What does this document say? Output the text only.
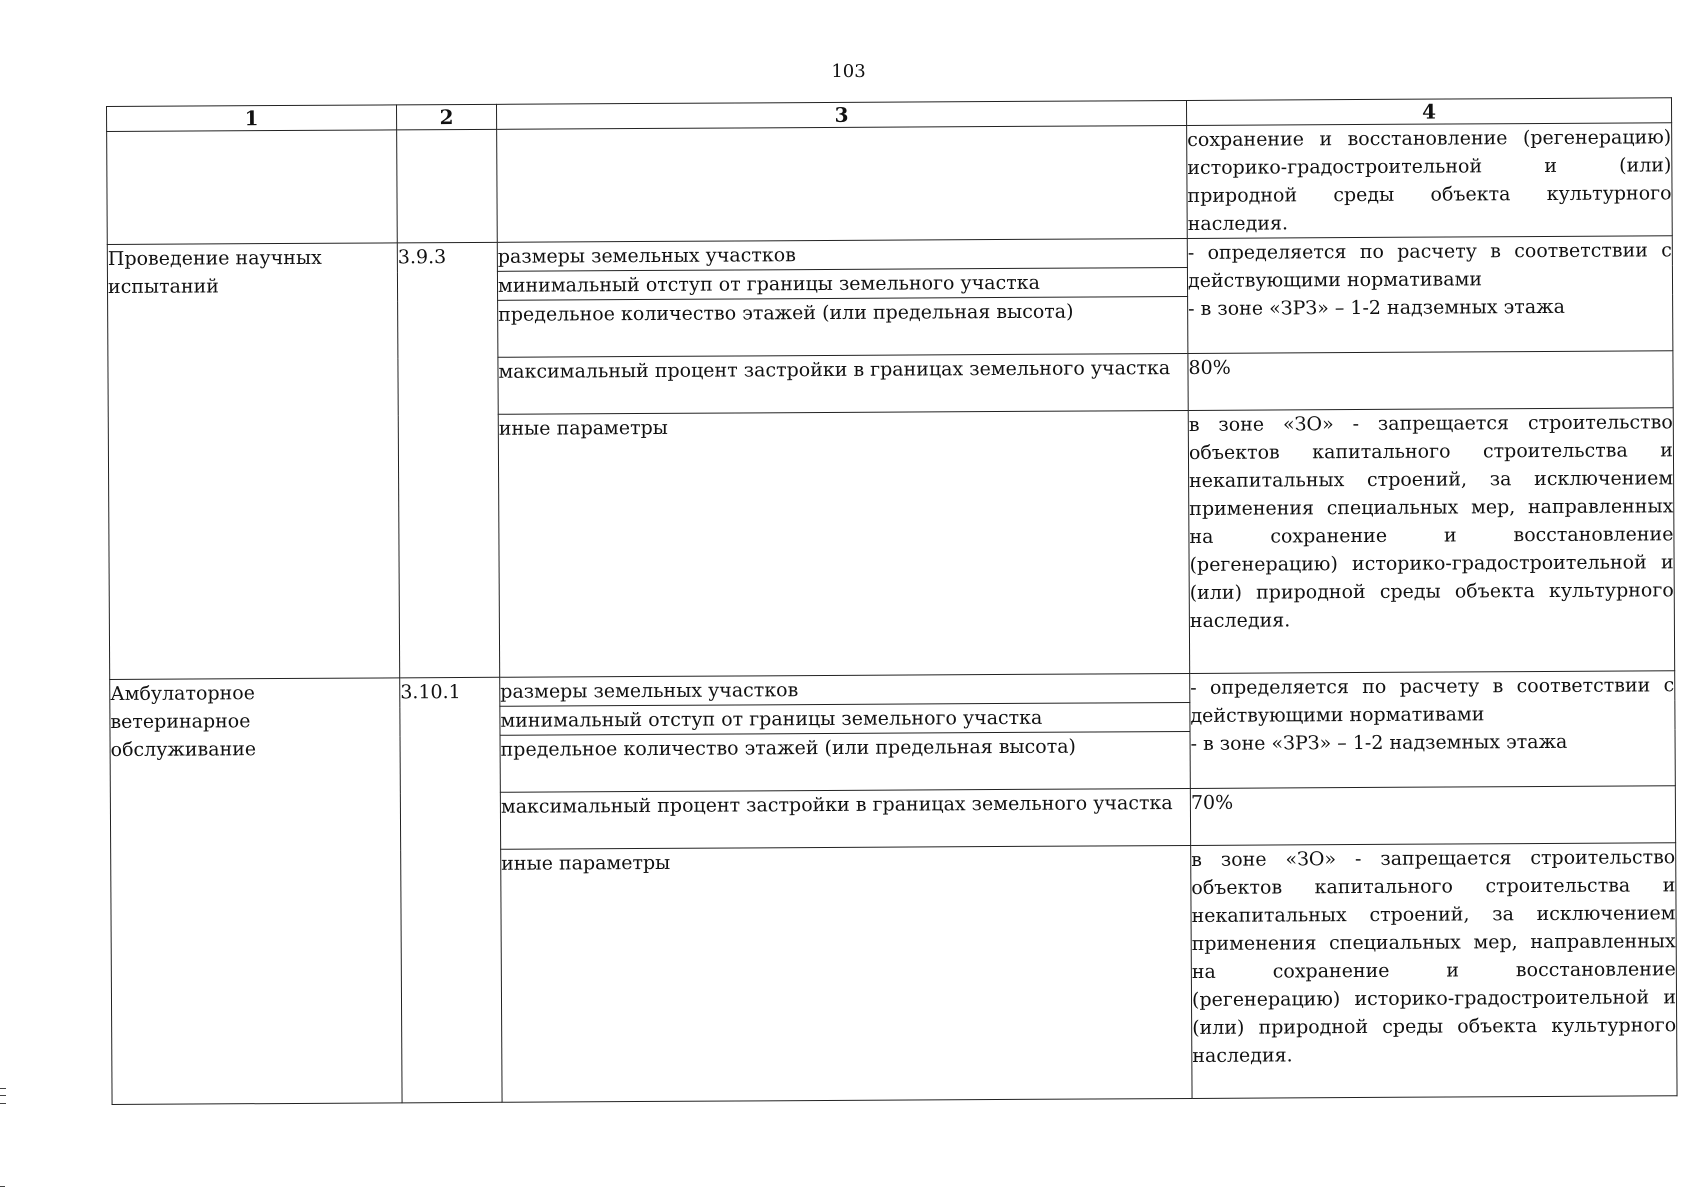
103
1	2	3	4
			сохранение и восстановление (регенерацию) историко-градостроительной и (или) природной среды объекта культурного наследия.
Проведение научных испытаний	3.9.3	размеры земельных участков	- определяется по расчету в соответствии с действующими нормативами
- в зоне «ЗРЗ» – 1-2 надземных этажа

		минимальный отступ от границы земельного участка	
		предельное количество этажей (или предельная высота)	
		максимальный процент застройки в границах земельного участка	80%
		иные параметры	в зоне «ЗО» - запрещается строительство объектов капитального строительства и некапитальных строений, за исключением применения специальных мер, направленных на сохранение и восстановление (регенерацию) историко-градостроительной и (или) природной среды объекта культурного наследия.
Амбулаторное ветеринарное обслуживание	3.10.1	размеры земельных участков	- определяется по расчету в соответствии с действующими нормативами
- в зоне «ЗРЗ» – 1-2 надземных этажа

		минимальный отступ от границы земельного участка	
		предельное количество этажей (или предельная высота)	
		максимальный процент застройки в границах земельного участка	70%
		иные параметры	в зоне «ЗО» - запрещается строительство объектов капитального строительства и некапитальных строений, за исключением применения специальных мер, направленных на сохранение и восстановление (регенерацию) историко-градостроительной и (или) природной среды объекта культурного наследия.
